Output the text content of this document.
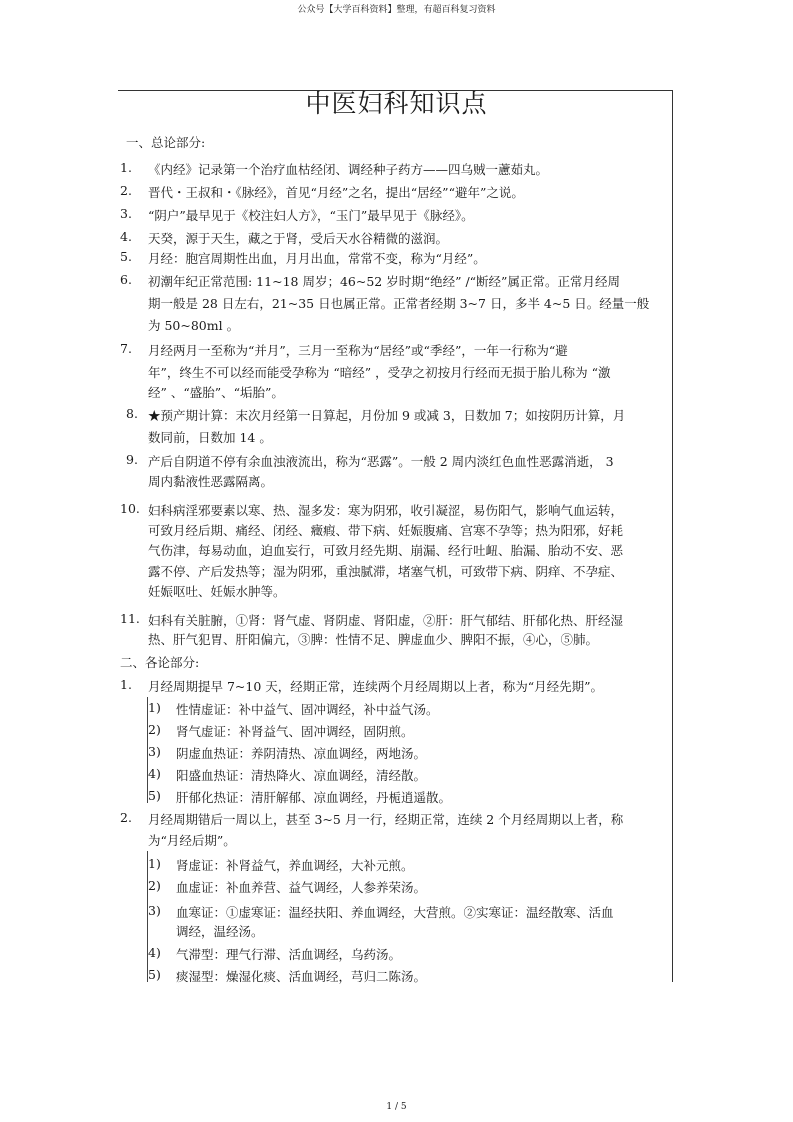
公众号【大学百科资料】整理，有超百科复习资料
中医妇科知识点
一、总论部分:
1. 《内经》记录第一个治疗血枯经闭、调经种子药方——四乌贼一藘茹丸。
2. 晋代・王叔和・《脉经》，首见“月经”之名，提出“居经”“避年”之说。
3. “阴户”最早见于《校注妇人方》，“玉门”最早见于《脉经》。
4. 天癸，源于天生，藏之于肾，受后天水谷精微的滋润。
5. 月经：胞宫周期性出血，月月出血，常常不变，称为“月经”。
6. 初潮年纪正常范围: 11~18 周岁；46~52 岁时期“绝经” /“断经”属正常。正常月经周
期一般是 28 日左右，21~35 日也属正常。正常者经期 3~7 日，多半 4~5 日。经量一般
为 50~80ml 。
7. 月经两月一至称为“并月”，三月一至称为“居经”或“季经”，一年一行称为“避
年”，终生不可以经而能受孕称为 “暗经” ，受孕之初按月行经而无损于胎儿称为 “激
经” 、“盛胎”、“垢胎”。
8. ★预产期计算：末次月经第一日算起，月份加 9 或减 3，日数加 7；如按阴历计算，月
数同前，日数加 14 。
9. 产后自阴道不停有余血浊液流出，称为“恶露”。一般 2 周内淡红色血性恶露消逝， 3
周内黏液性恶露隔离。
10. 妇科病淫邪要素以寒、热、湿多发：寒为阴邪，收引凝涩，易伤阳气，影响气血运转，
可致月经后期、痛经、闭经、癥瘕、带下病、妊娠腹痛、宫寒不孕等；热为阳邪，好耗
气伤津，每易动血，迫血妄行，可致月经先期、崩漏、经行吐衄、胎漏、胎动不安、恶
露不停、产后发热等；湿为阴邪，重浊腻滞，堵塞气机，可致带下病、阴痒、不孕症、
妊娠呕吐、妊娠水肿等。
11. 妇科有关脏腑，①肾：肾气虚、肾阴虚、肾阳虚，②肝：肝气郁结、肝郁化热、肝经湿
热、肝气犯胃、肝阳偏亢，③脾：性情不足、脾虚血少、脾阳不振，④心，⑤肺。
二、各论部分:
1. 月经周期提早 7~10 天，经期正常，连续两个月经周期以上者，称为“月经先期”。
1) 性情虚证：补中益气、固冲调经，补中益气汤。
2) 肾气虚证：补肾益气、固冲调经，固阴煎。
3) 阴虚血热证：养阴清热、凉血调经，两地汤。
4) 阳盛血热证：清热降火、凉血调经，清经散。
5) 肝郁化热证：清肝解郁、凉血调经，丹栀逍遥散。
2. 月经周期错后一周以上，甚至 3~5 月一行，经期正常，连续 2 个月经周期以上者，称
为“月经后期”。
1) 肾虚证：补肾益气，养血调经，大补元煎。
2) 血虚证：补血养营、益气调经，人参养荣汤。
3) 血寒证：①虚寒证：温经扶阳、养血调经，大营煎。②实寒证：温经散寒、活血
调经，温经汤。
4) 气滞型：理气行滞、活血调经，乌药汤。
5) 痰湿型：燥湿化痰、活血调经，芎归二陈汤。
1 / 5
